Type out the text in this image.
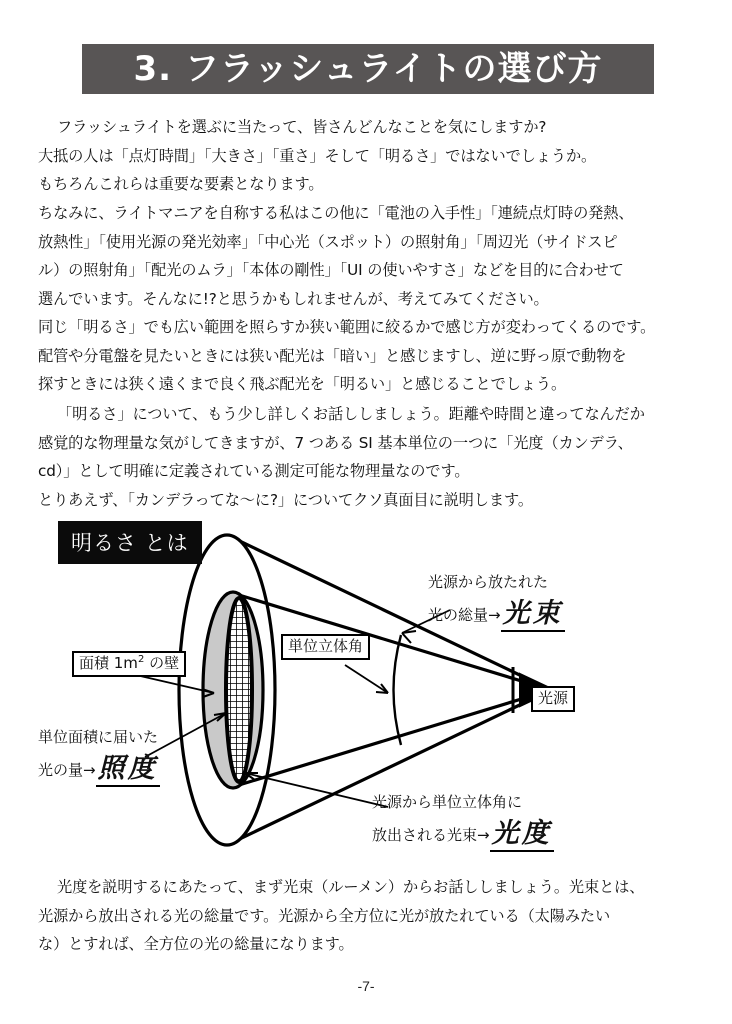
3. フラッシュライトの選び方
フラッシュライトを選ぶに当たって、皆さんどんなことを気にしますか?
大抵の人は「点灯時間」「大きさ」「重さ」そして「明るさ」ではないでしょうか。
もちろんこれらは重要な要素となります。
ちなみに、ライトマニアを自称する私はこの他に「電池の入手性」「連続点灯時の発熱、
放熱性」「使用光源の発光効率」「中心光（スポット）の照射角」「周辺光（サイドスピ
ル）の照射角」「配光のムラ」「本体の剛性」「UI の使いやすさ」などを目的に合わせて
選んでいます。そんなに!?と思うかもしれませんが、考えてみてください。
同じ「明るさ」でも広い範囲を照らすか狭い範囲に絞るかで感じ方が変わってくるのです。
配管や分電盤を見たいときには狭い配光は「暗い」と感じますし、逆に野っ原で動物を
探すときには狭く遠くまで良く飛ぶ配光を「明るい」と感じることでしょう。
「明るさ」について、もう少し詳しくお話ししましょう。距離や時間と違ってなんだか
感覚的な物理量な気がしてきますが、7 つある SI 基本単位の一つに「光度（カンデラ、
cd）」として明確に定義されている測定可能な物理量なのです。
とりあえず、「カンデラってな〜に?」についてクソ真面目に説明します。
明るさ とは
面積 $1m^2$ の壁
単位立体角
光源
光源から放たれた
光の総量→光束
単位面積に届いた
光の量→照度
光源から単位立体角に
放出される光束→光度
光度を説明するにあたって、まず光束（ルーメン）からお話ししましょう。光束とは、
光源から放出される光の総量です。光源から全方位に光が放たれている（太陽みたい
な）とすれば、全方位の光の総量になります。
-7-
